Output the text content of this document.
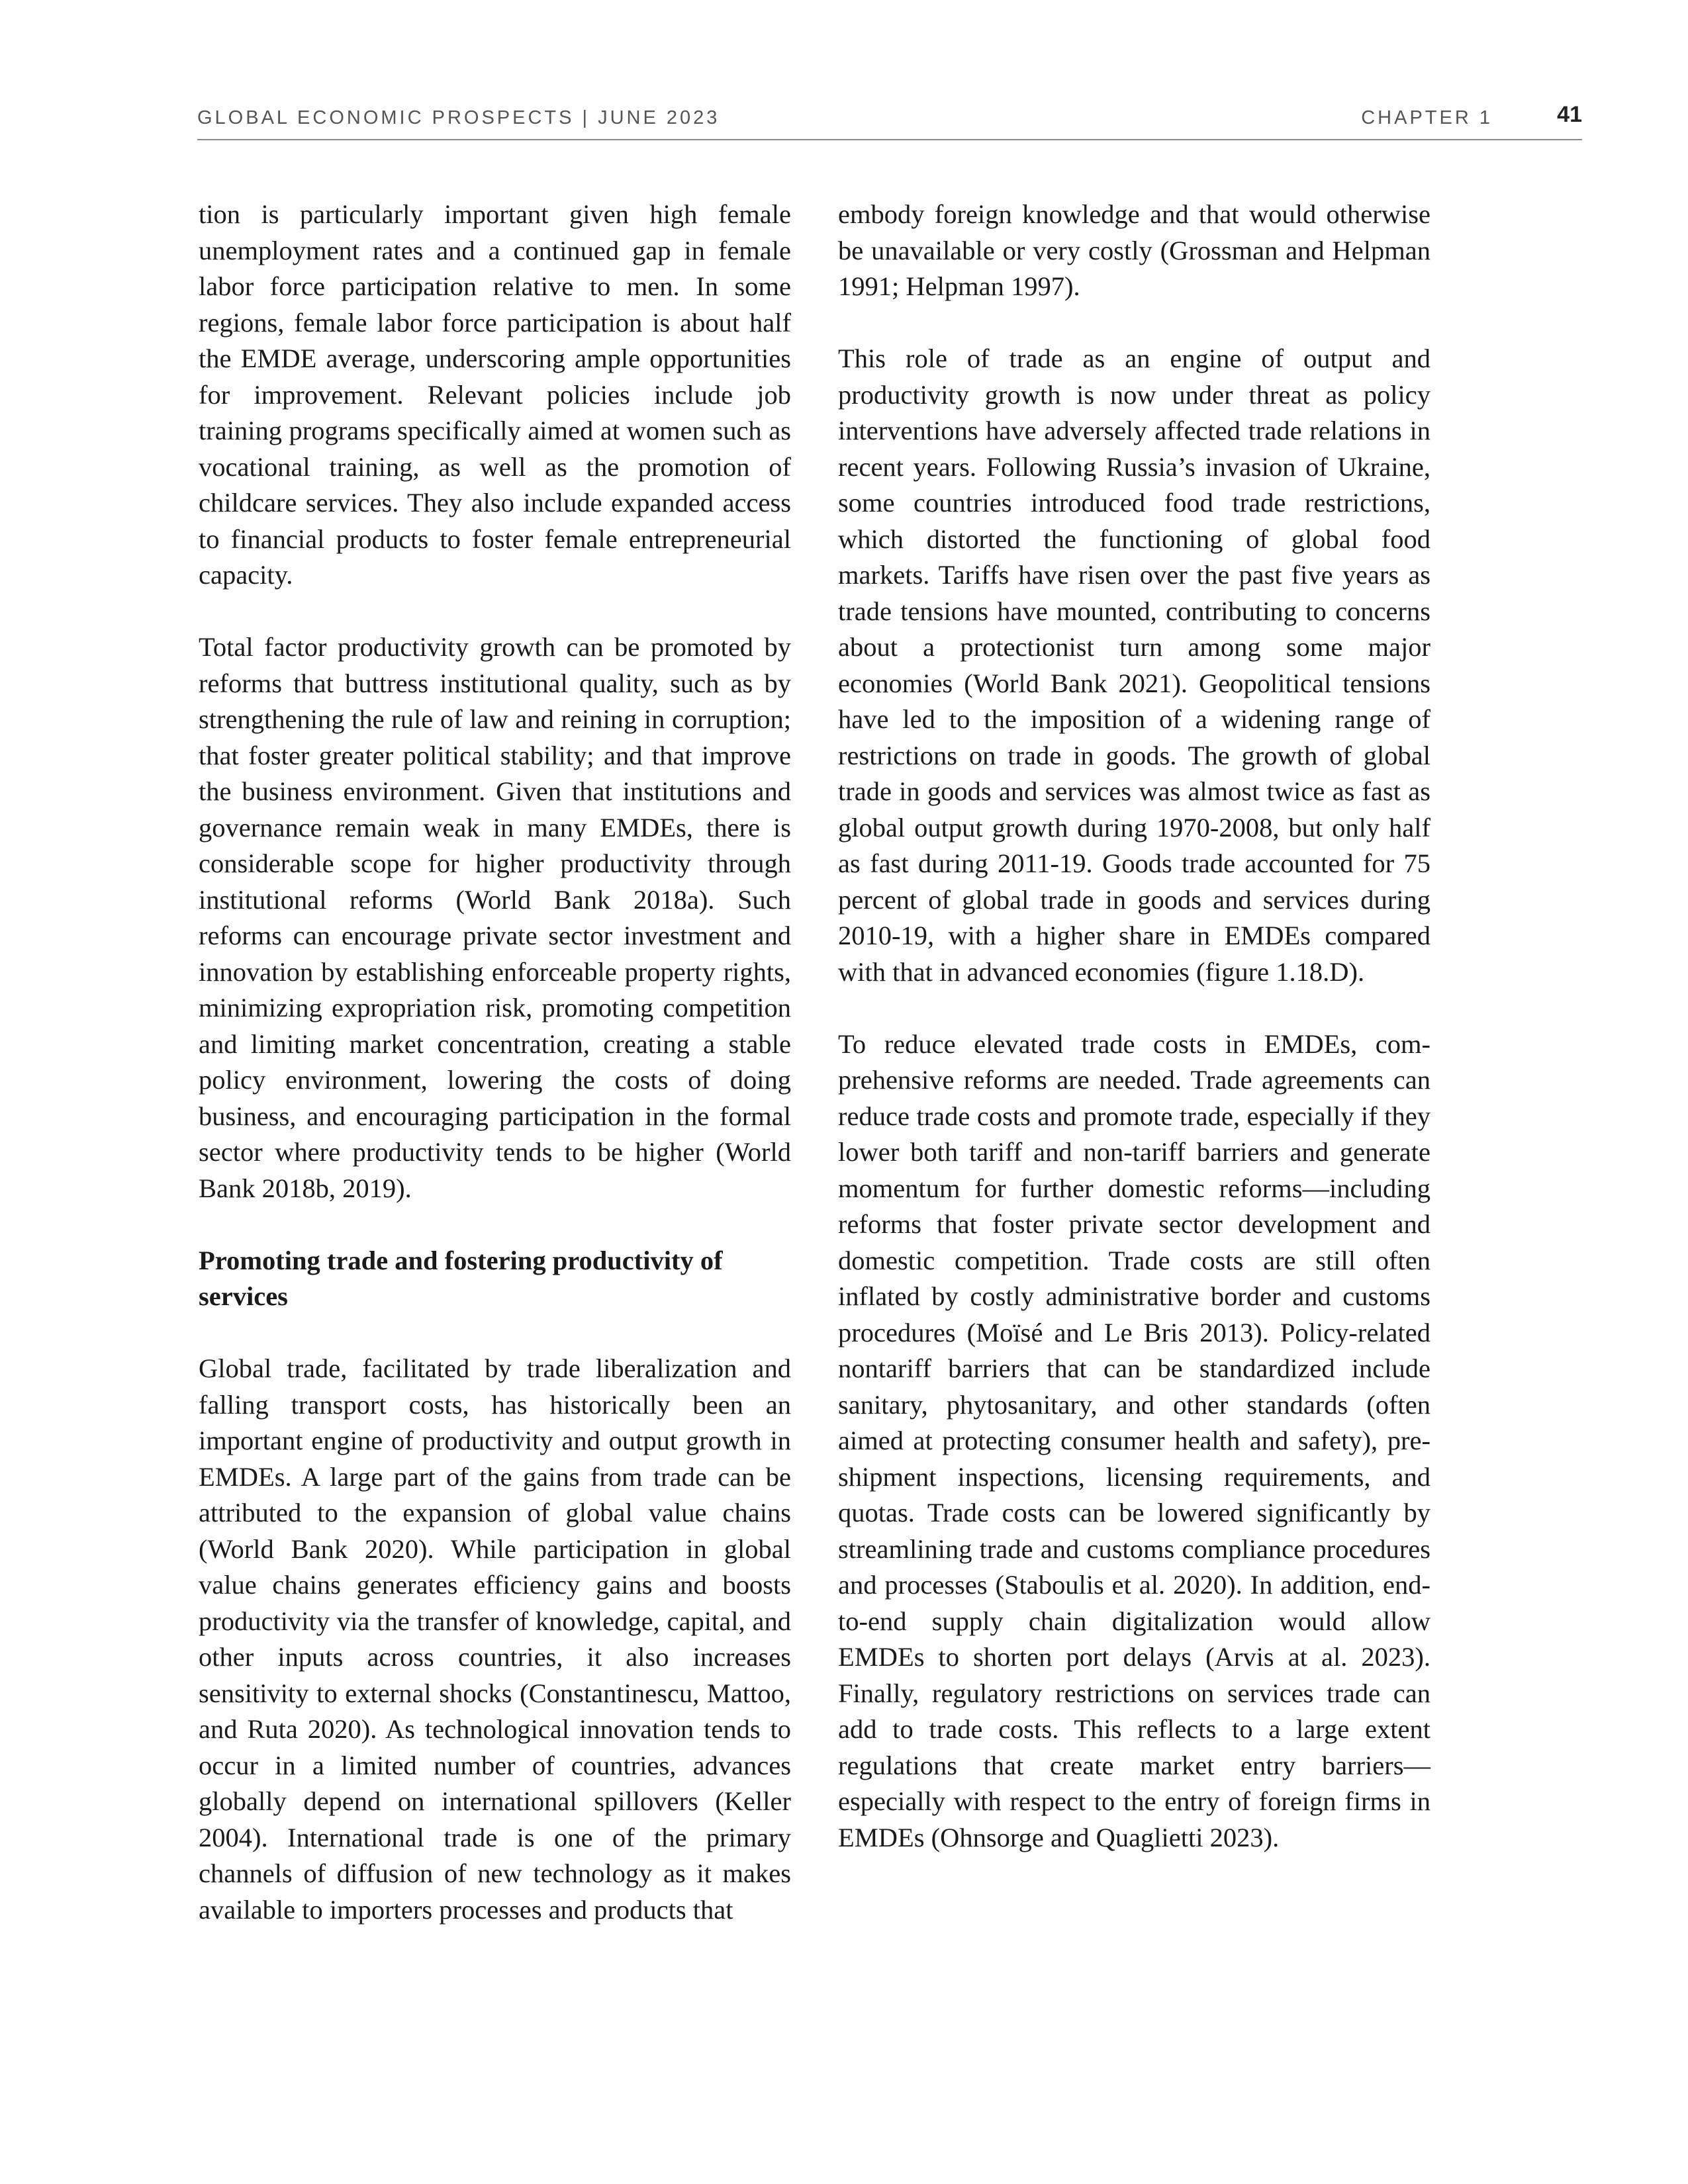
GLOBAL ECONOMIC PROSPECTS | JUNE 2023	CHAPTER 1	41

tion is particularly important given high female unemployment rates and a continued gap in female labor force participation relative to men. In some regions, female labor force participation is about half the EMDE average, underscoring ample opportunities for improvement. Relevant policies include job training programs specifically aimed at women such as vocational training, as well as the promotion of childcare services. They also include expanded access to financial products to foster female entrepreneurial capacity.

Total factor productivity growth can be promoted by reforms that buttress institutional quality, such as by strengthening the rule of law and reining in corruption; that foster greater political stability; and that improve the business environment. Given that institutions and governance remain weak in many EMDEs, there is considerable scope for higher productivity through institutional reforms (World Bank 2018a). Such reforms can encourage private sector investment and innovation by establishing enforceable property rights, minimizing expropriation risk, promoting competition and limiting market concentration, creating a stable policy environment, lowering the costs of doing business, and encouraging participation in the formal sector where productivity tends to be higher (World Bank 2018b, 2019).

Promoting trade and fostering productivity of services

Global trade, facilitated by trade liberalization and falling transport costs, has historically been an important engine of productivity and output growth in EMDEs. A large part of the gains from trade can be attributed to the expansion of global value chains (World Bank 2020). While participation in global value chains generates efficiency gains and boosts productivity via the transfer of knowledge, capital, and other inputs across countries, it also increases sensitivity to external shocks (Constantinescu, Mattoo, and Ruta 2020). As technological innovation tends to occur in a limited number of countries, advances globally depend on international spillovers (Keller 2004). International trade is one of the primary channels of diffusion of new technology as it makes available to importers processes and products that

embody foreign knowledge and that would otherwise be unavailable or very costly (Grossman and Helpman 1991; Helpman 1997).

This role of trade as an engine of output and productivity growth is now under threat as policy interventions have adversely affected trade relations in recent years. Following Russia’s invasion of Ukraine, some countries introduced food trade restrictions, which distorted the functioning of global food markets. Tariffs have risen over the past five years as trade tensions have mounted, contributing to concerns about a protectionist turn among some major economies (World Bank 2021). Geopolitical tensions have led to the imposition of a widening range of restrictions on trade in goods. The growth of global trade in goods and services was almost twice as fast as global output growth during 1970-2008, but only half as fast during 2011-19. Goods trade accounted for 75 percent of global trade in goods and services during 2010-19, with a higher share in EMDEs compared with that in advanced economies (figure 1.18.D).

To reduce elevated trade costs in EMDEs, comprehensive reforms are needed. Trade agreements can reduce trade costs and promote trade, especially if they lower both tariff and non-tariff barriers and generate momentum for further domestic reforms—including reforms that foster private sector development and domestic competition. Trade costs are still often inflated by costly administrative border and customs procedures (Moïsé and Le Bris 2013). Policy-related nontariff barriers that can be standardized include sanitary, phytosanitary, and other standards (often aimed at protecting consumer health and safety), preshipment inspections, licensing requirements, and quotas. Trade costs can be lowered significantly by streamlining trade and customs compliance procedures and processes (Staboulis et al. 2020). In addition, end-to-end supply chain digitalization would allow EMDEs to shorten port delays (Arvis at al. 2023). Finally, regulatory restrictions on services trade can add to trade costs. This reflects to a large extent regulations that create market entry barriers—especially with respect to the entry of foreign firms in EMDEs (Ohnsorge and Quaglietti 2023).
